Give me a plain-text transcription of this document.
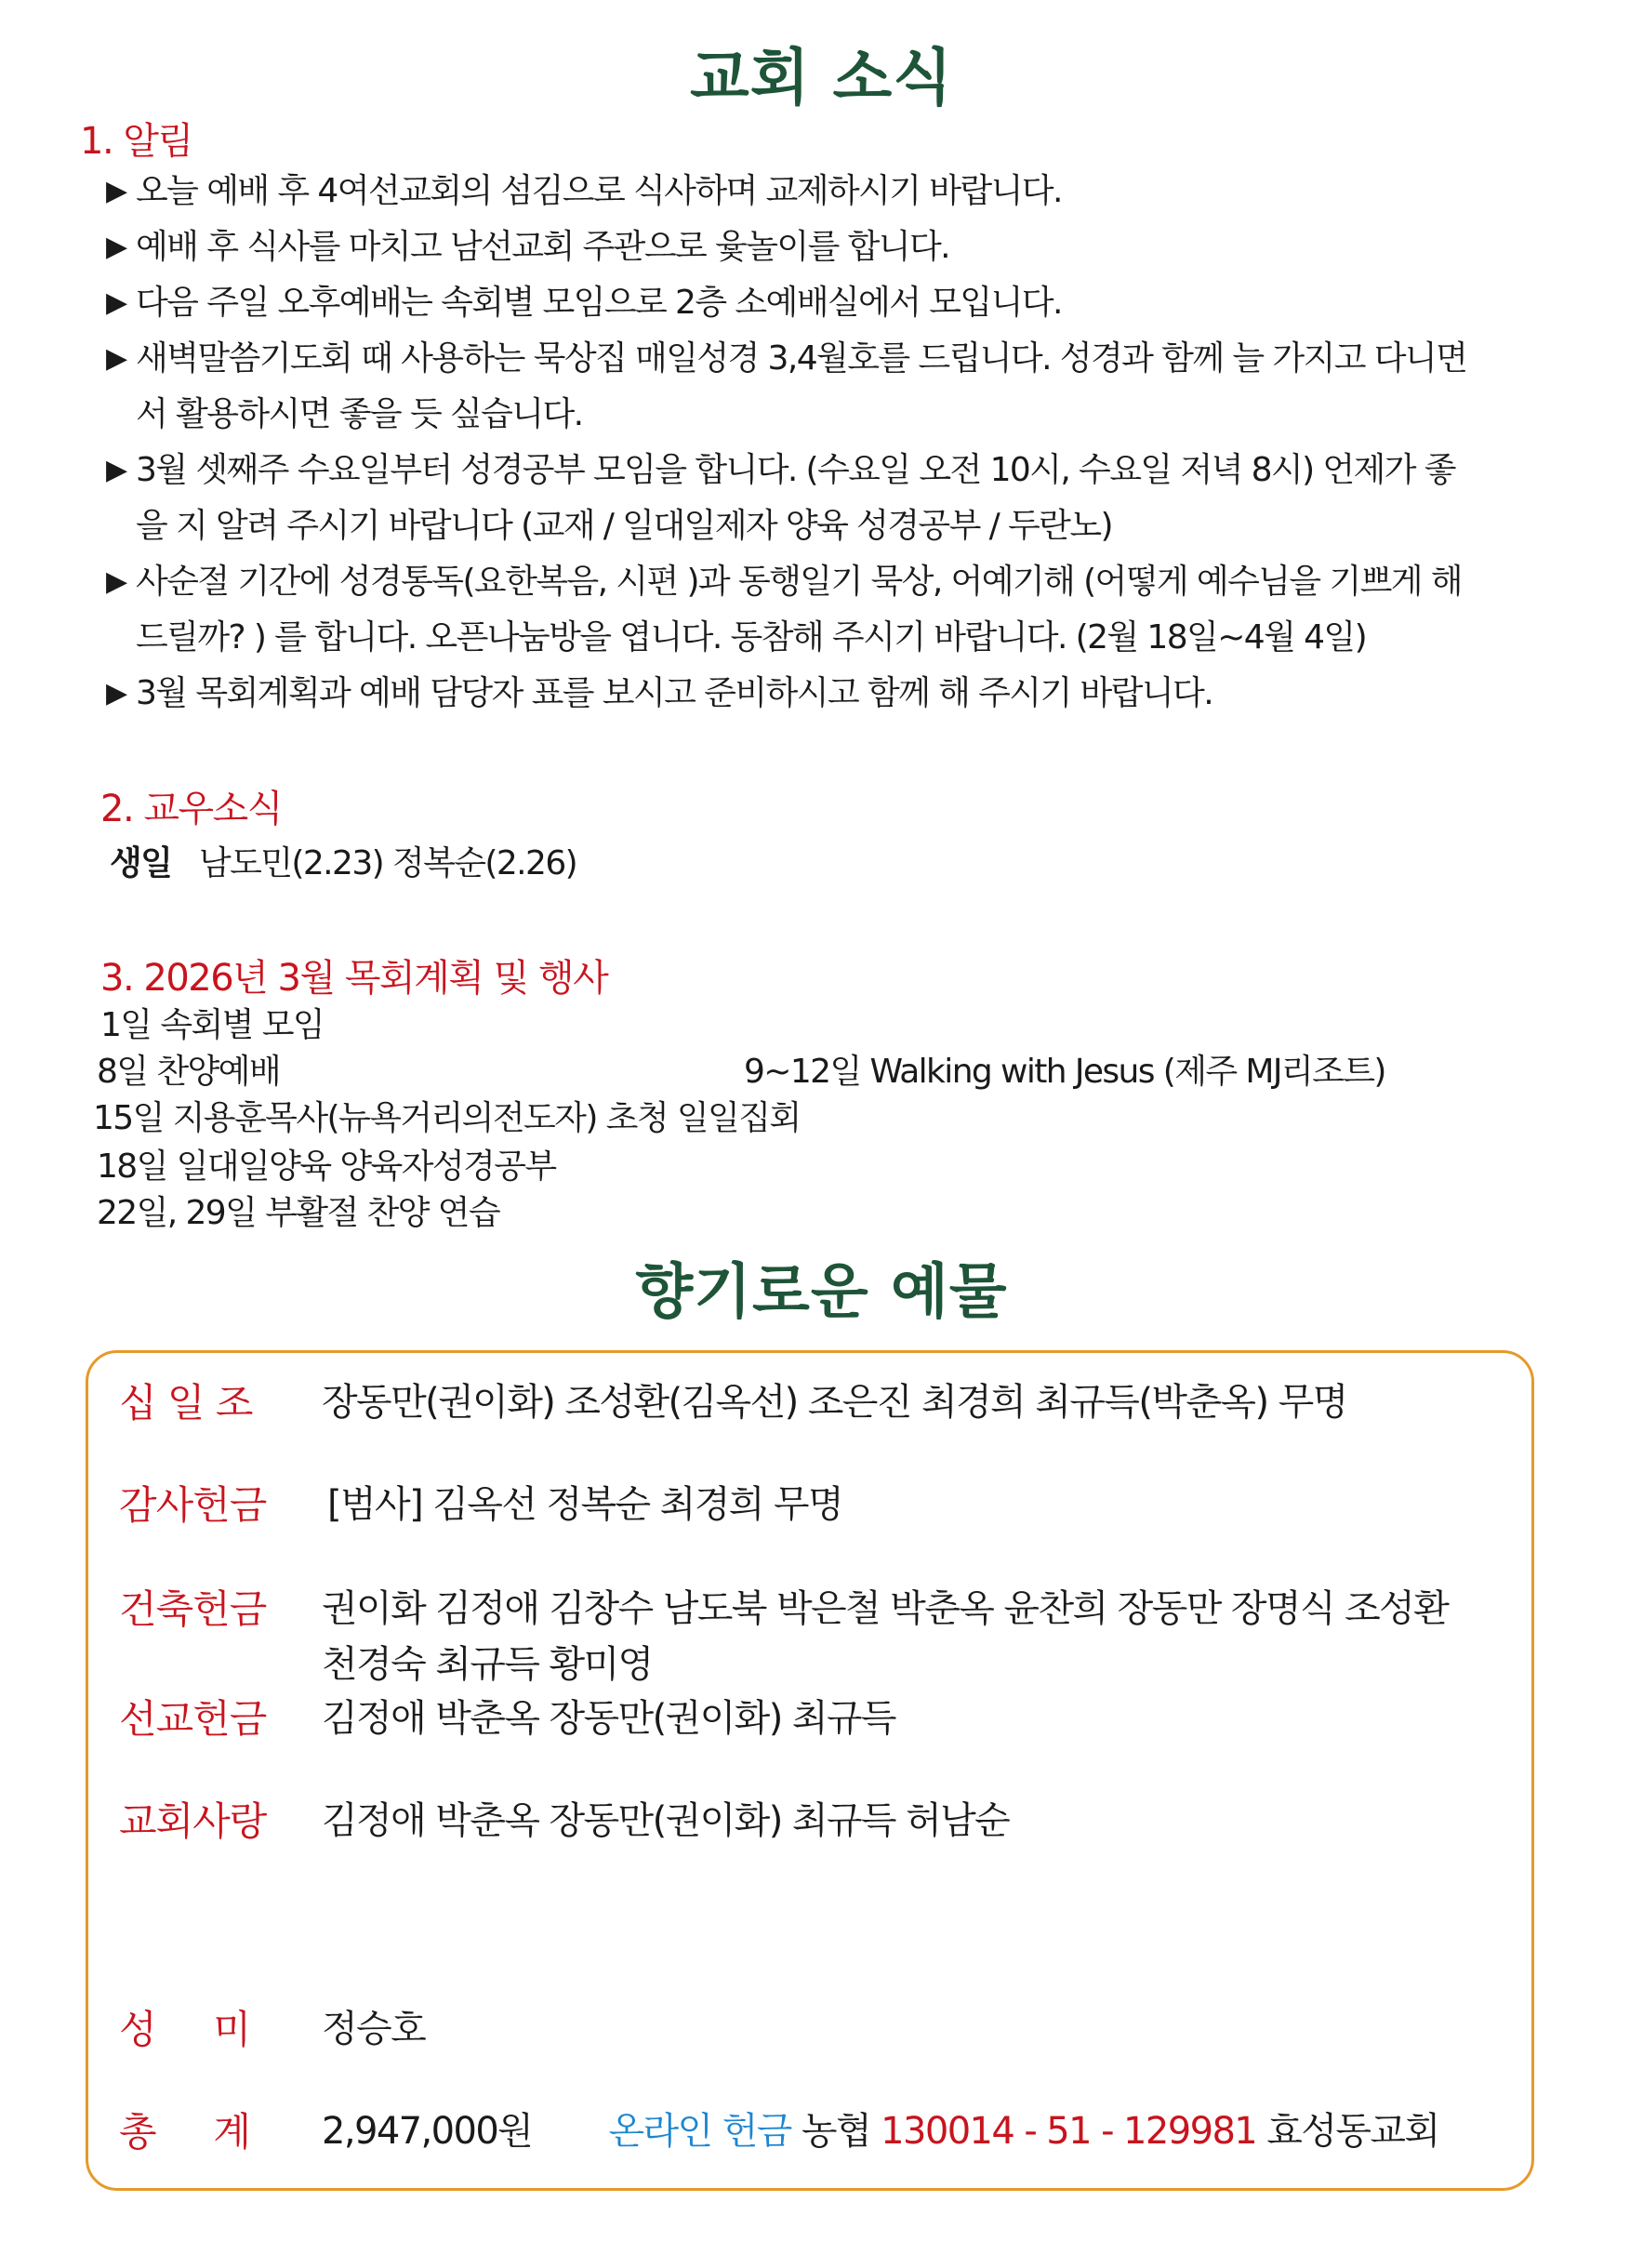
교회 소식
1. 알림
▶ 오늘 예배 후 4여선교회의 섬김으로 식사하며 교제하시기 바랍니다.
▶ 예배 후 식사를 마치고 남선교회 주관으로 윷놀이를 합니다.
▶ 다음 주일 오후예배는 속회별 모임으로 2층 소예배실에서 모입니다.
▶ 새벽말씀기도회 때 사용하는 묵상집 매일성경 3,4월호를 드립니다. 성경과 함께 늘 가지고 다니면
서 활용하시면 좋을 듯 싶습니다.
▶ 3월 셋째주 수요일부터 성경공부 모임을 합니다. (수요일 오전 10시, 수요일 저녁 8시) 언제가 좋
을 지 알려 주시기 바랍니다 (교재 / 일대일제자 양육 성경공부 / 두란노)
▶ 사순절 기간에 성경통독(요한복음, 시편 )과 동행일기 묵상, 어예기해 (어떻게 예수님을 기쁘게 해
드릴까? ) 를 합니다. 오픈나눔방을 엽니다. 동참해 주시기 바랍니다. (2월 18일~4월 4일)
▶ 3월 목회계획과 예배 담당자 표를 보시고 준비하시고 함께 해 주시기 바랍니다.
2. 교우소식
생일 남도민(2.23) 정복순(2.26)
3. 2026년 3월 목회계획 및 행사
1일 속회별 모임
8일 찬양예배	9~12일 Walking with Jesus (제주 MJ리조트)
15일 지용훈목사(뉴욕거리의전도자) 초청 일일집회
18일 일대일양육 양육자성경공부
22일, 29일 부활절 찬양 연습
향기로운 예물
십 일 조 장동만(권이화) 조성환(김옥선) 조은진 최경희 최규득(박춘옥) 무명
감사헌금 [범사] 김옥선 정복순 최경희 무명
건축헌금 권이화 김정애 김창수 남도북 박은철 박춘옥 윤찬희 장동만 장명식 조성환
천경숙 최규득 황미영
선교헌금 김정애 박춘옥 장동만(권이화) 최규득
교회사랑 김정애 박춘옥 장동만(권이화) 최규득 허남순
성     미 정승호
총     계 2,947,000원 온라인 헌금 농협 130014 - 51 - 129981 효성동교회
